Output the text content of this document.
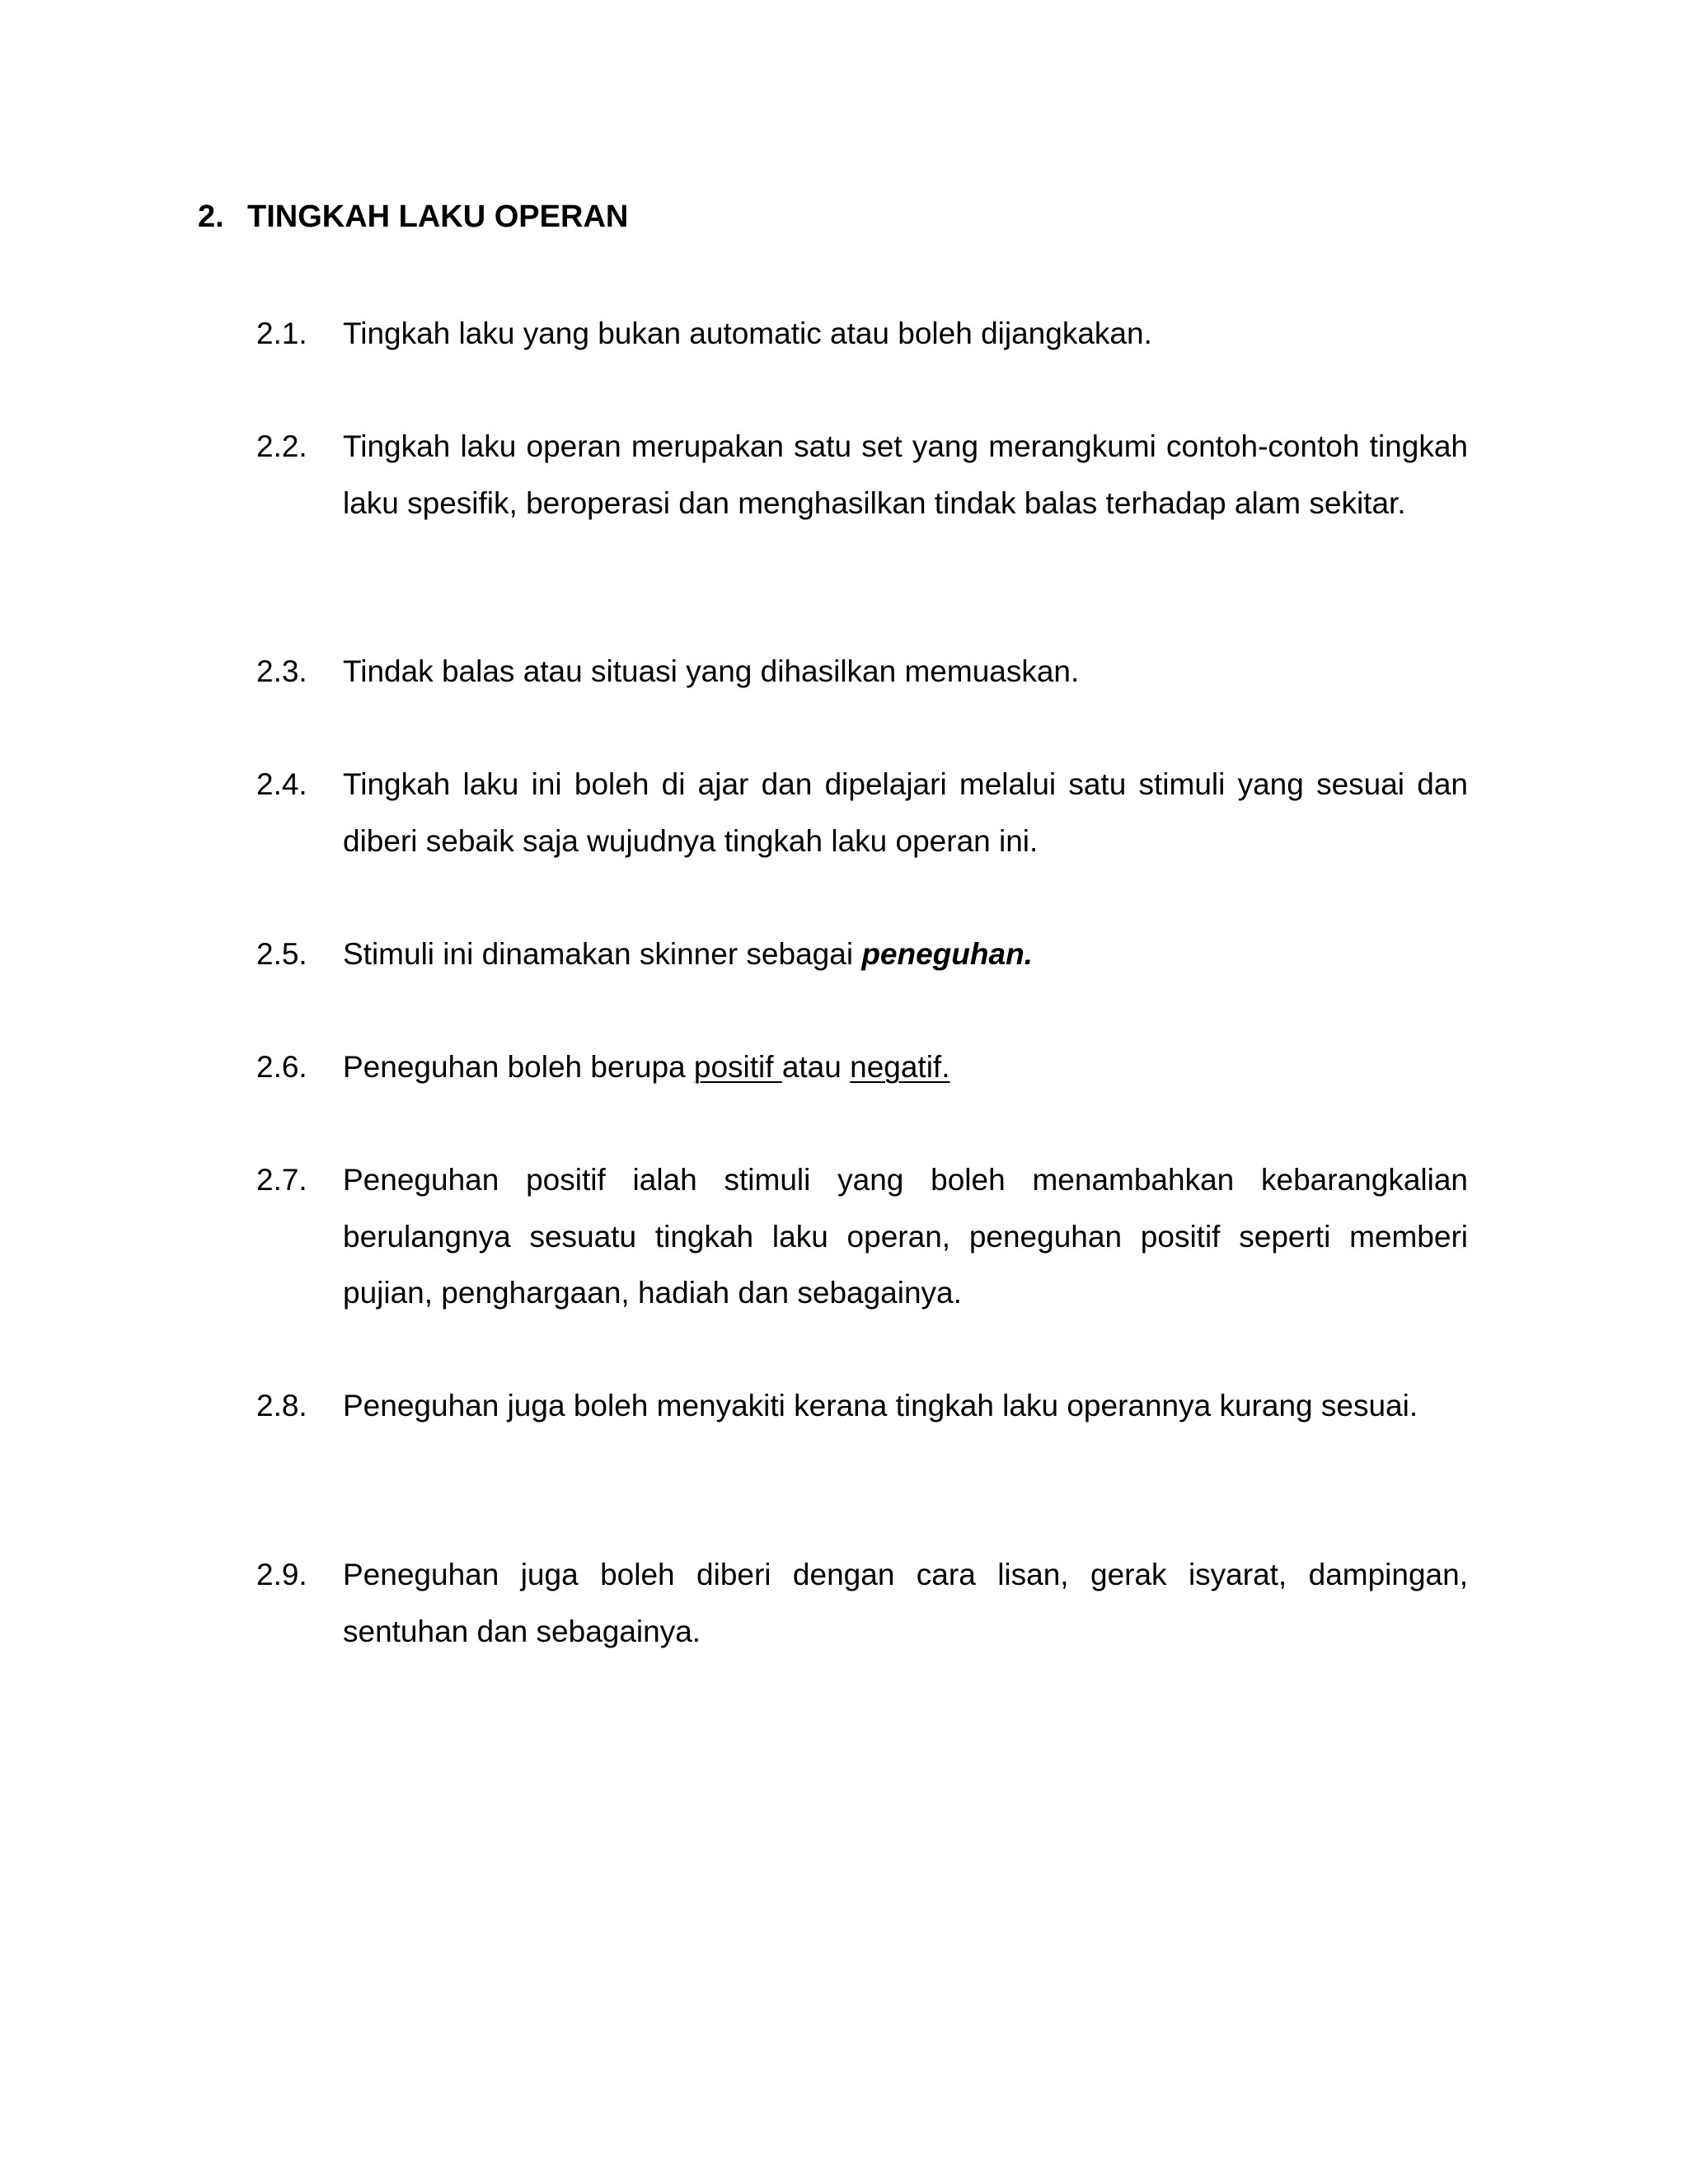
2. TINGKAH LAKU OPERAN
2.1.	Tingkah laku yang bukan automatic atau boleh dijangkakan.
2.2.	Tingkah laku operan merupakan satu set yang merangkumi contoh-contoh tingkah laku spesifik, beroperasi dan menghasilkan tindak balas terhadap alam sekitar.
2.3.	Tindak balas atau situasi yang dihasilkan memuaskan.
2.4.	Tingkah laku ini boleh di ajar dan dipelajari melalui satu stimuli yang sesuai dan diberi sebaik saja wujudnya tingkah laku operan ini.
2.5.	Stimuli ini dinamakan skinner sebagai peneguhan.
2.6.	Peneguhan boleh berupa positif atau negatif.
2.7.	Peneguhan positif ialah stimuli yang boleh menambahkan kebarangkalian berulangnya sesuatu tingkah laku operan, peneguhan positif seperti memberi pujian, penghargaan, hadiah dan sebagainya.
2.8.	Peneguhan juga boleh menyakiti kerana tingkah laku operannya kurang sesuai.
2.9.	Peneguhan juga boleh diberi dengan cara lisan, gerak isyarat, dampingan, sentuhan dan sebagainya.
